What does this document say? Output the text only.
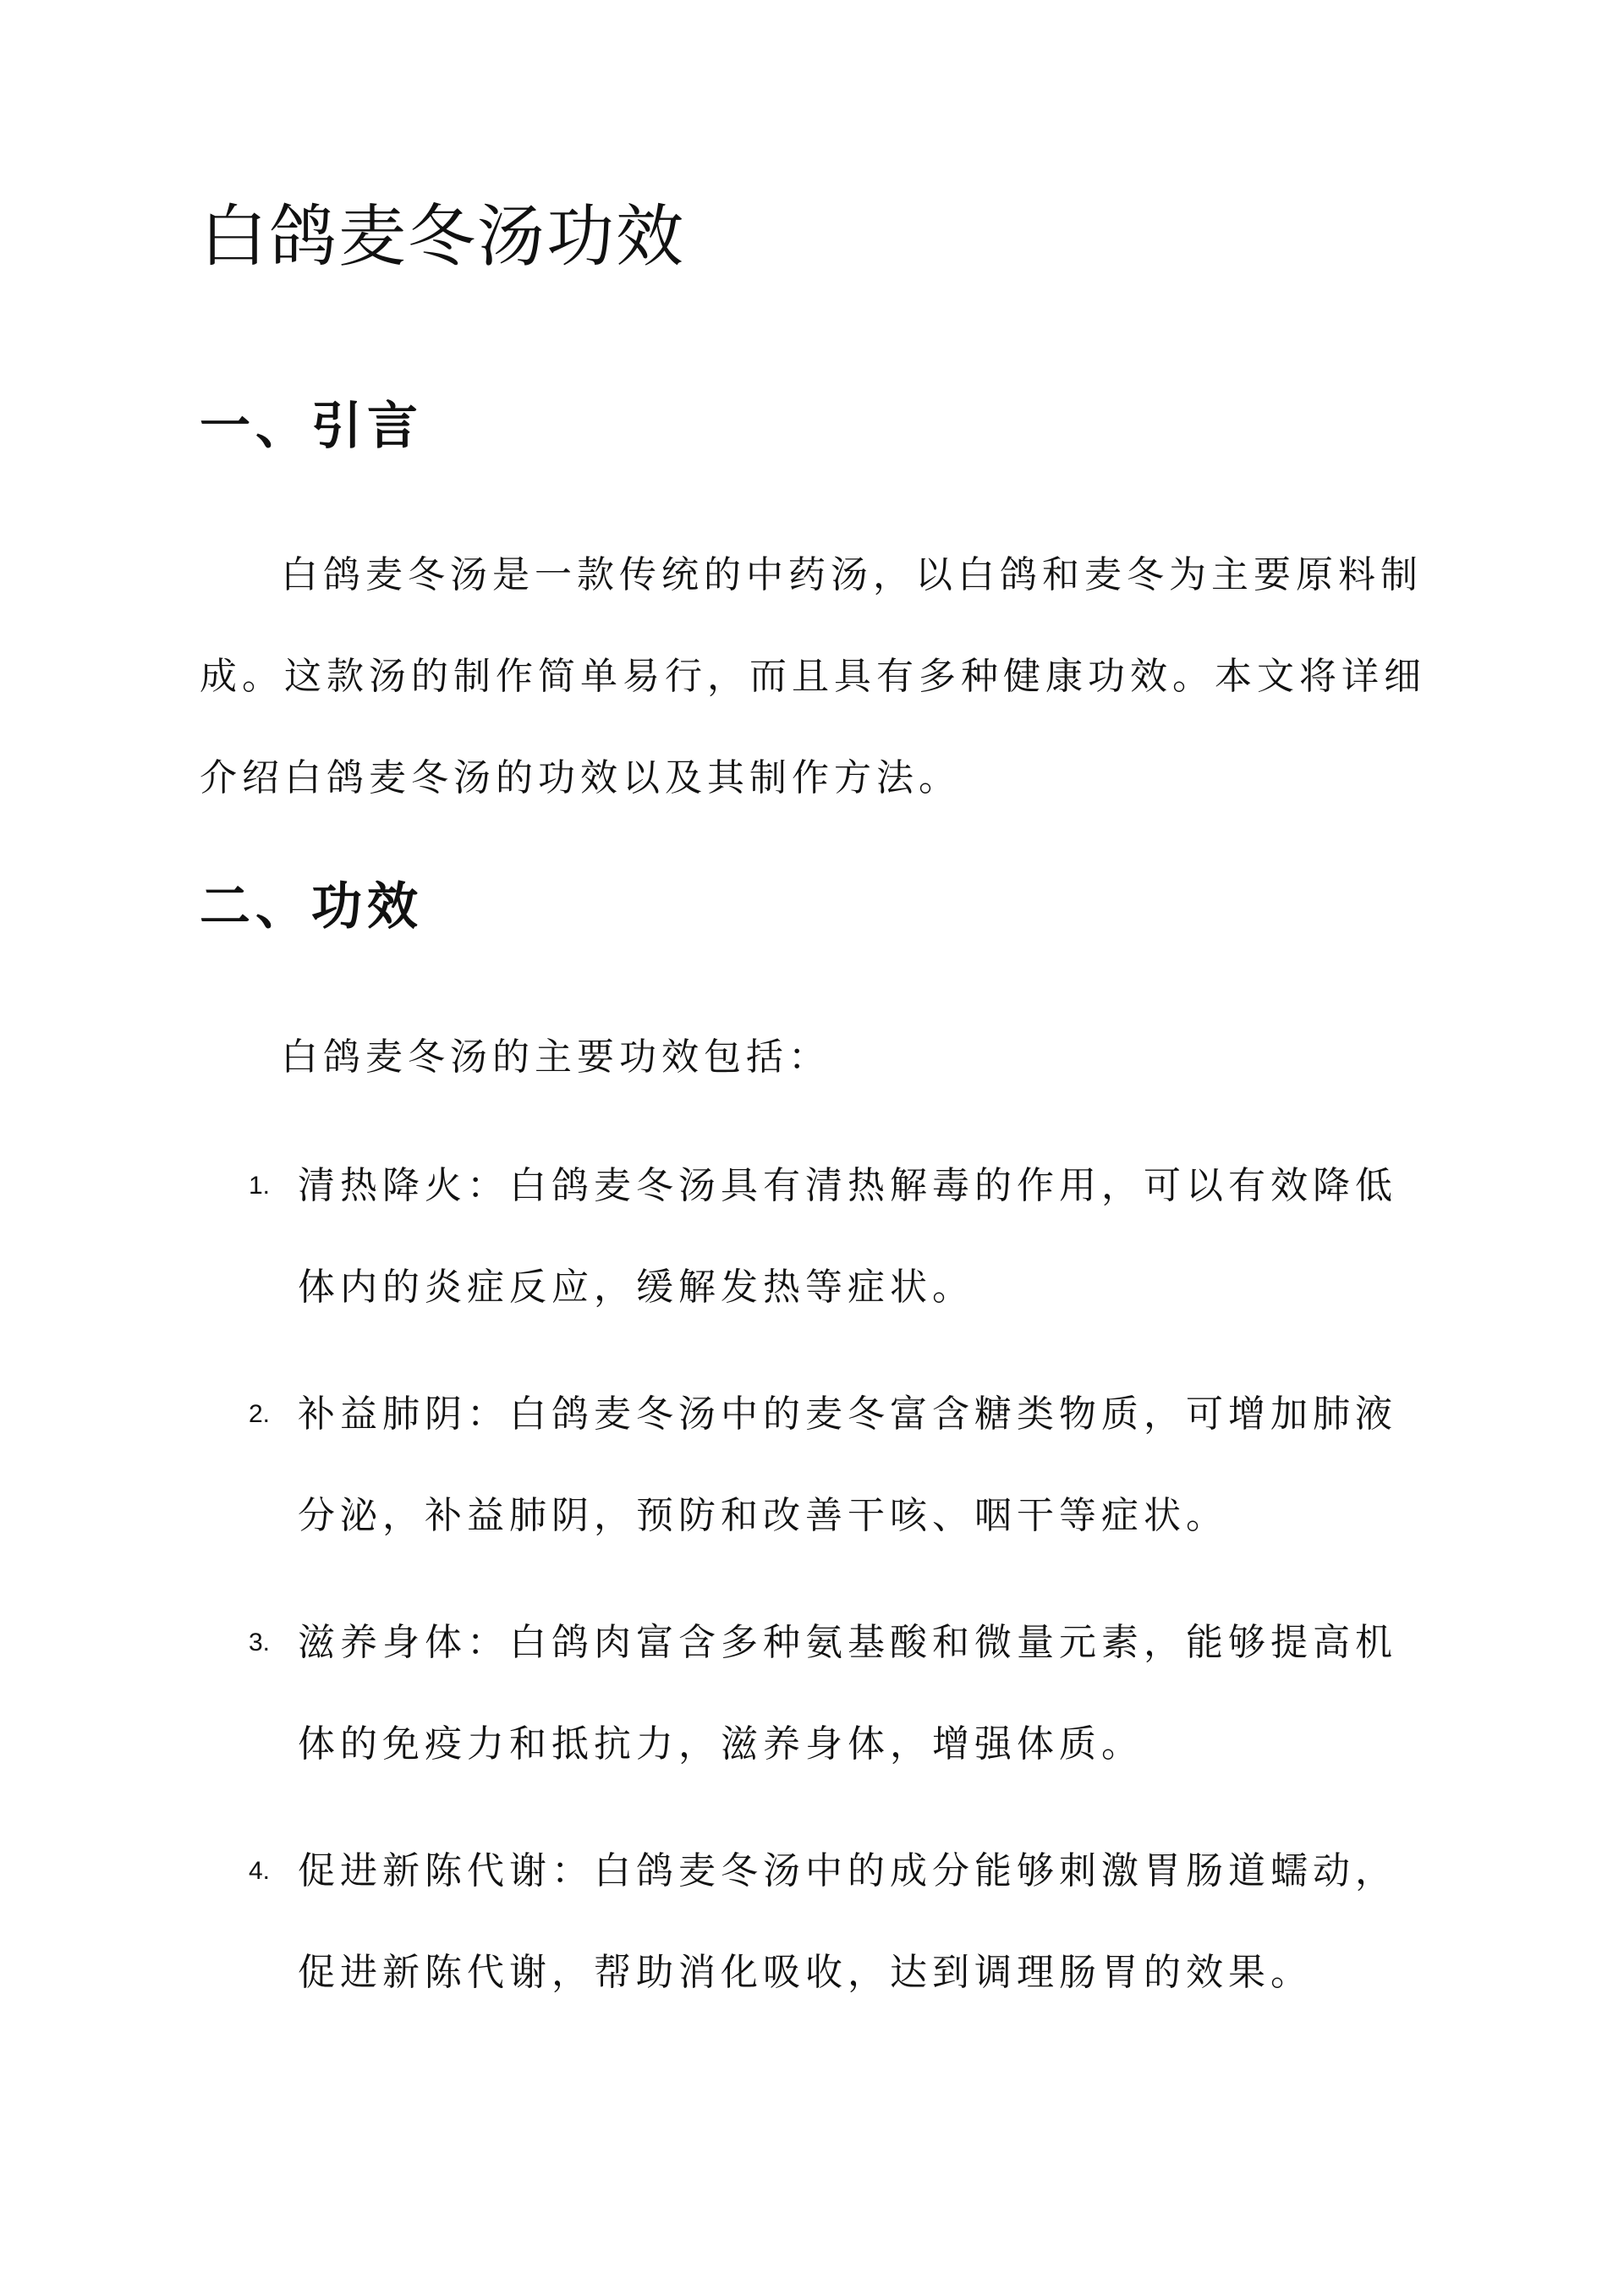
白鸽麦冬汤功效
一、引言

白鸽麦冬汤是一款传统的中药汤，以白鸽和麦冬为主要原料制成。这款汤的制作简单易行，而且具有多种健康功效。本文将详细介绍白鸽麦冬汤的功效以及其制作方法。

二、功效

白鸽麦冬汤的主要功效包括：

1. 清热降火：白鸽麦冬汤具有清热解毒的作用，可以有效降低体内的炎症反应，缓解发热等症状。
2. 补益肺阴：白鸽麦冬汤中的麦冬富含糖类物质，可增加肺液分泌，补益肺阴，预防和改善干咳、咽干等症状。
3. 滋养身体：白鸽肉富含多种氨基酸和微量元素，能够提高机体的免疫力和抵抗力，滋养身体，增强体质。
4. 促进新陈代谢：白鸽麦冬汤中的成分能够刺激胃肠道蠕动，促进新陈代谢，帮助消化吸收，达到调理肠胃的效果。
